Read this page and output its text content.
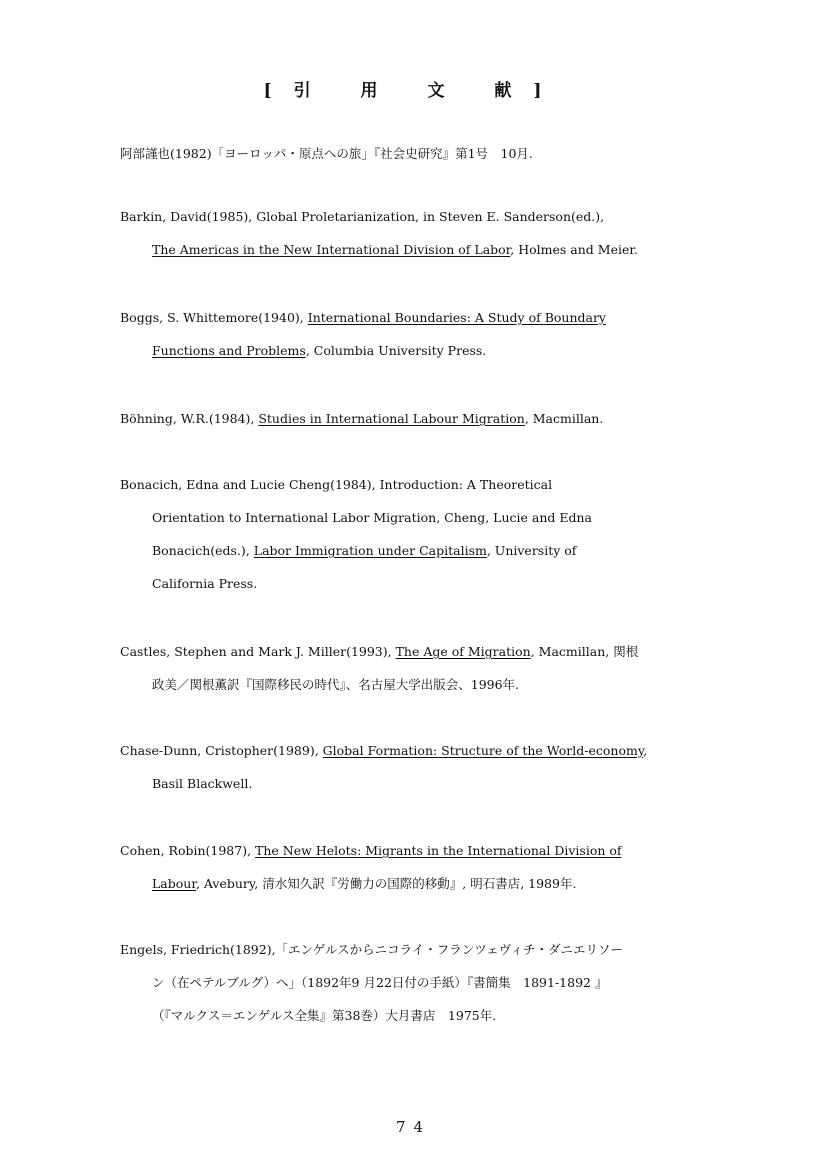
[引 用 文 献]
阿部謹也(1982)「ヨーロッパ・原点への旅」『社会史研究』第1号　10月.
Barkin, David(1985), Global Proletarianization, in Steven E. Sanderson(ed.),
The Americas in the New International Division of Labor, Holmes and Meier.
Boggs, S. Whittemore(1940), International Boundaries: A Study of Boundary
Functions and Problems, Columbia University Press.
Böhning, W.R.(1984), Studies in International Labour Migration, Macmillan.
Bonacich, Edna and Lucie Cheng(1984), Introduction: A Theoretical
Orientation to International Labor Migration, Cheng, Lucie and Edna
Bonacich(eds.), Labor Immigration under Capitalism, University of
California Press.
Castles, Stephen and Mark J. Miller(1993), The Age of Migration, Macmillan, 関根
政美／関根薫訳『国際移民の時代』、名古屋大学出版会、1996年.
Chase-Dunn, Cristopher(1989), Global Formation: Structure of the World-economy,
Basil Blackwell.
Cohen, Robin(1987), The New Helots: Migrants in the International Division of
Labour, Avebury, 清水知久訳『労働力の国際的移動』, 明石書店, 1989年.
Engels, Friedrich(1892),「エンゲルスからニコライ・フランツェヴィチ・ダニエリソー
ン（在ペテルブルグ）へ」（1892年9 月22日付の手紙）『書簡集　1891-1892 』
（『マルクス＝エンゲルス全集』第38巻）大月書店　1975年.
74
